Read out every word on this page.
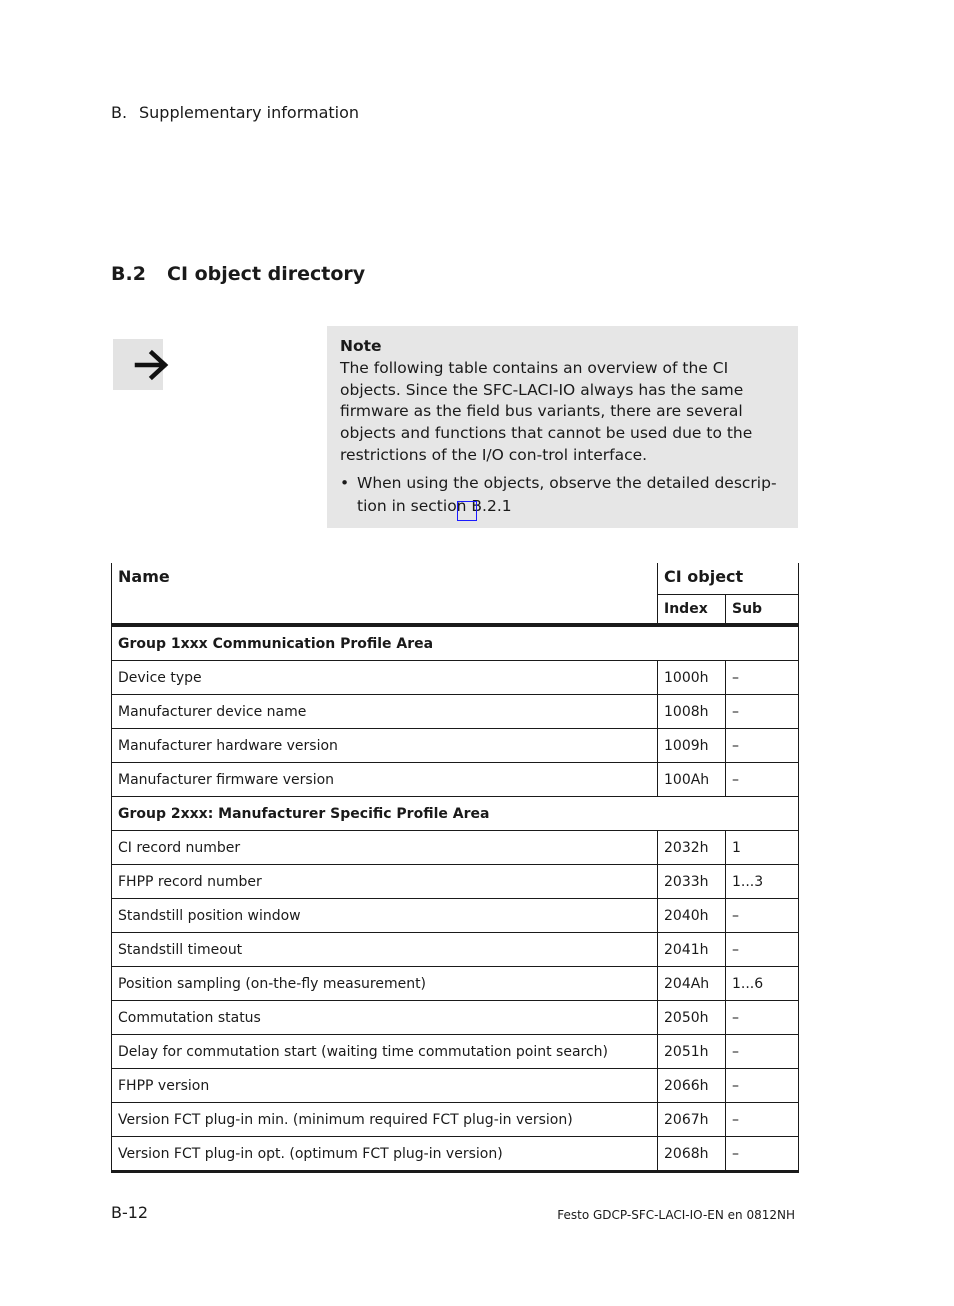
B. Supplementary information
B.2 CI object directory
Note
The following table contains an overview of the CI objects. Since the SFC-LACI-IO always has the same firmware as the field bus variants, there are several objects and functions that cannot be used due to the restrictions of the I/O con-trol interface.
• When using the objects, observe the detailed descrip-tion in section B.2.1
Name	CI object	
	Index	Sub
Group 1xxx Communication Profile Area		
Device type	1000h	–
Manufacturer device name	1008h	–
Manufacturer hardware version	1009h	–
Manufacturer firmware version	100Ah	–
Group 2xxx: Manufacturer Specific Profile Area		
CI record number	2032h	1
FHPP record number	2033h	1...3
Standstill position window	2040h	–
Standstill timeout	2041h	–
Position sampling (on-the-fly measurement)	204Ah	1...6
Commutation status	2050h	–
Delay for commutation start (waiting time commutation point search)	2051h	–
FHPP version	2066h	–
Version FCT plug-in min. (minimum required FCT plug-in version)	2067h	–
Version FCT plug-in opt. (optimum FCT plug-in version)	2068h	–
B-12	Festo GDCP-SFC-LACI-IO-EN en 0812NH
